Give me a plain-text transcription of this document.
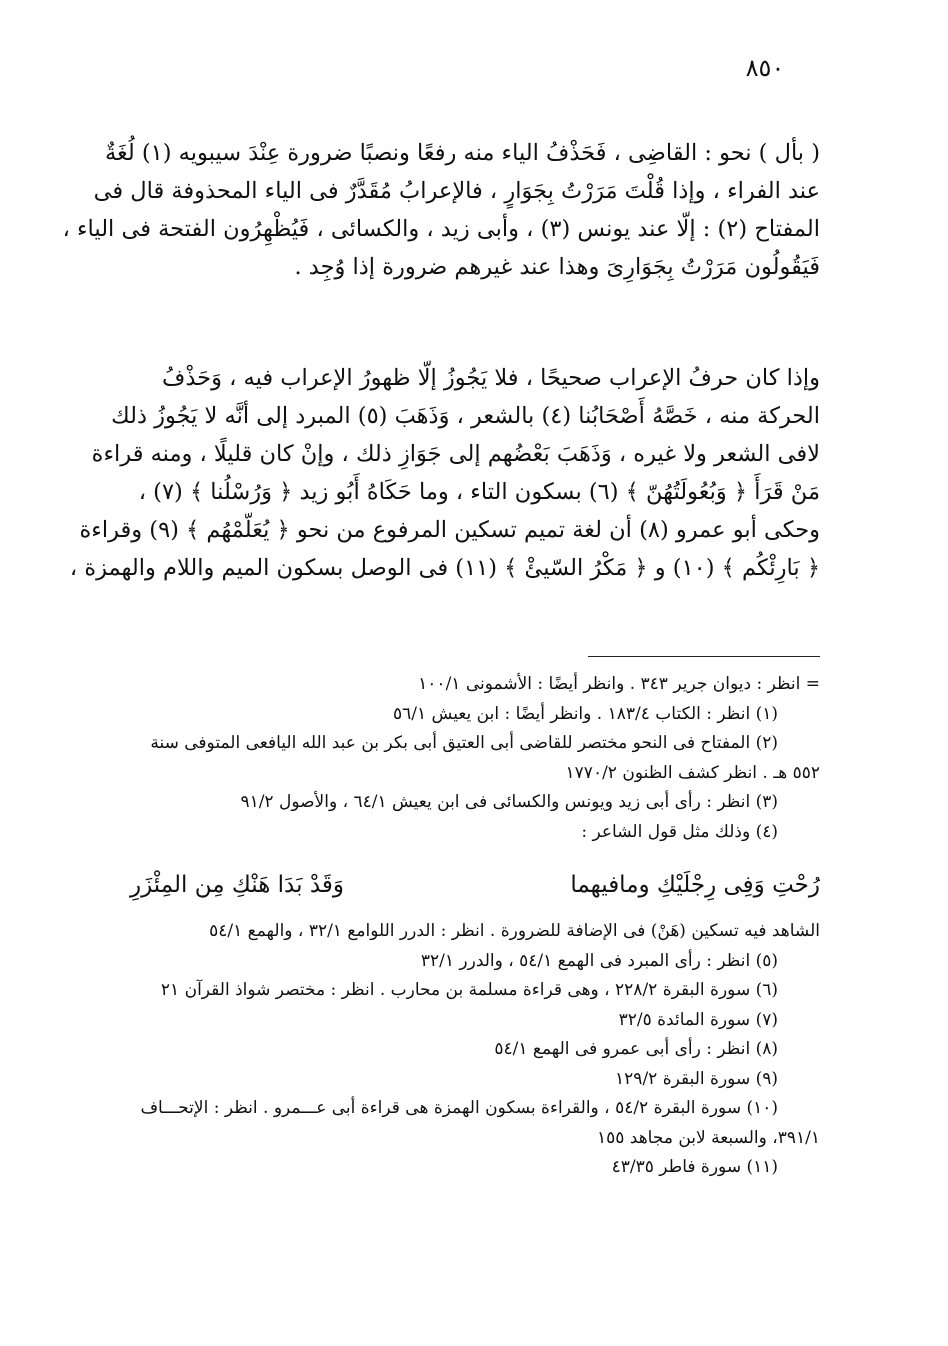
٨٥٠

( بأل ) نحو : القاضِى ، فَحَذْفُ الياء منه رفعًا ونصبًا ضرورة عِنْدَ سيبويه (١) لُغَةٌ
عند الفراء ، وإذا قُلْتَ مَرَرْتُ بِجَوَارٍ ، فالإعرابُ مُقَدَّرٌ فى الياء المحذوفة قال فى
المفتاح (٢) : إلّا عند يونس (٣) ، وأبى زيد ، والكسائى ، فَيُظْهِرُون الفتحة فى الياء ،
فَيَقُولُون مَرَرْتُ بِجَوَارِىَ وهذا عند غيرهم ضرورة إذا وُجِد .

وإذا كان حرفُ الإعراب صحيحًا ، فلا يَجُوزُ إلّا ظهورُ الإعراب فيه ، وَحَذْفُ
الحركة منه ، خَصَّهُ أَصْحَابُنا (٤) بالشعر ، وَذَهَبَ (٥) المبرد إلى أنَّه لا يَجُوزُ ذلك
لافى الشعر ولا غيره ، وَذَهَبَ بَعْضُهم إلى جَوَازِ ذلك ، وإنْ كان قليلًا ، ومنه قراءة
مَنْ قَرَأَ ﴿ وَبُعُولَتُهُنّ ﴾ (٦) بسكون التاء ، وما حَكَاهُ أَبُو زيد ﴿ وَرُسْلُنا ﴾ (٧) ،
وحكى أبو عمرو (٨) أن لغة تميم تسكين المرفوع من نحو ﴿ يُعَلّمْهُم ﴾ (٩) وقراءة
﴿ بَارِئْكُم ﴾ (١٠) و ﴿ مَكْرُ السّيئْ ﴾ (١١) فى الوصل بسكون الميم واللام والهمزة ،

= انظر : ديوان جرير ٣٤٣ . وانظر أيضًا : الأشمونى ١٠٠/١
(١) انظر : الكتاب ١٨٣/٤ . وانظر أيضًا : ابن يعيش ٥٦/١
(٢) المفتاح فى النحو مختصر للقاضى أبى العتيق أبى بكر بن عبد الله اليافعى المتوفى سنة
٥٥٢ هـ . انظر كشف الظنون ١٧٧٠/٢
(٣) انظر : رأى أبى زيد ويونس والكسائى فى ابن يعيش ٦٤/١ ، والأصول ٩١/٢
(٤) وذلك مثل قول الشاعر :
رُحْتِ وَفِى رِجْلَيْكِ ومافيهما
وَقَدْ بَدَا هَنْكِ مِن المِئْزَرِ
الشاهد فيه تسكين (هَنْ) فى الإضافة للضرورة . انظر : الدرر اللوامع ٣٢/١ ، والهمع ٥٤/١
(٥) انظر : رأى المبرد فى الهمع ٥٤/١ ، والدرر ٣٢/١
(٦) سورة البقرة ٢٢٨/٢ ، وهى قراءة مسلمة بن محارب . انظر : مختصر شواذ القرآن ٢١
(٧) سورة المائدة ٣٢/٥
(٨) انظر : رأى أبى عمرو فى الهمع ٥٤/١
(٩) سورة البقرة ١٢٩/٢
(١٠) سورة البقرة ٥٤/٢ ، والقراءة بسكون الهمزة هى قراءة أبى عـــمرو . انظر : الإتحـــاف
٣٩١/١، والسبعة لابن مجاهد ١٥٥
(١١) سورة فاطر ٤٣/٣٥
